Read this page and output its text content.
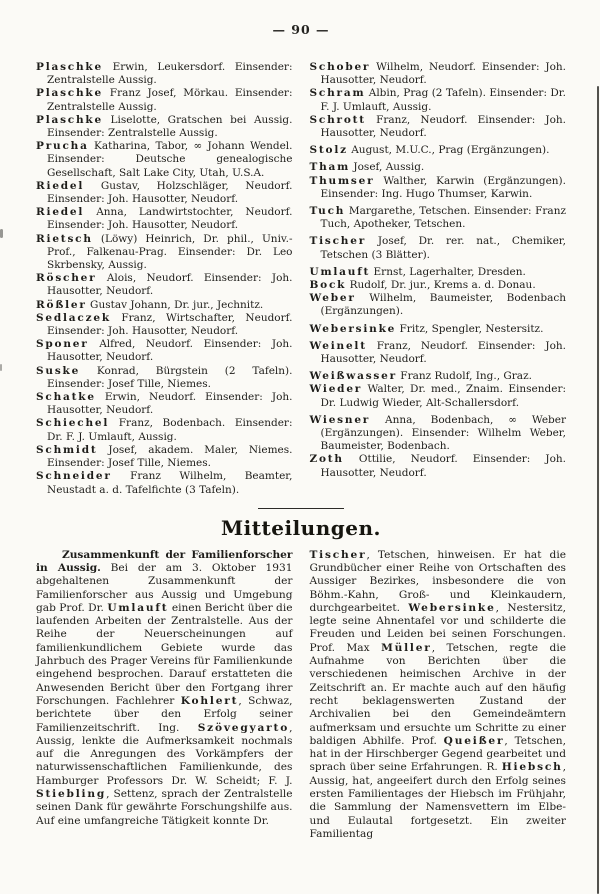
— 90 —

Plaschke Erwin, Leukersdorf. Einsender: Zentralstelle Aussig.

Plaschke Franz Josef, Mörkau. Einsender: Zentralstelle Aussig.

Plaschke Liselotte, Gratschen bei Aussig. Einsender: Zentralstelle Aussig.

Prucha Katharina, Tabor, ∞ Johann Wendel. Einsender: Deutsche genealogische Gesellschaft, Salt Lake City, Utah, U.S.A.

Riedel Gustav, Holzschläger, Neudorf. Einsender: Joh. Hausotter, Neudorf.

Riedel Anna, Landwirtstochter, Neudorf. Einsender: Joh. Hausotter, Neudorf.

Rietsch (Löwy) Heinrich, Dr. phil., Univ.-Prof., Falkenau-Prag. Einsender: Dr. Leo Skrbensky, Aussig.

Röscher Alois, Neudorf. Einsender: Joh. Hausotter, Neudorf.

Rößler Gustav Johann, Dr. jur., Jechnitz.

Sedlaczek Franz, Wirtschafter, Neudorf. Einsender: Joh. Hausotter, Neudorf.

Sponer Alfred, Neudorf. Einsender: Joh. Hausotter, Neudorf.

Suske Konrad, Bürgstein (2 Tafeln). Einsender: Josef Tille, Niemes.

Schatke Erwin, Neudorf. Einsender: Joh. Hausotter, Neudorf.

Schiechel Franz, Bodenbach. Einsender: Dr. F. J. Umlauft, Aussig.

Schmidt Josef, akadem. Maler, Niemes. Einsender: Josef Tille, Niemes.

Schneider Franz Wilhelm, Beamter, Neustadt a. d. Tafelfichte (3 Tafeln).

Schober Wilhelm, Neudorf. Einsender: Joh. Hausotter, Neudorf.

Schram Albin, Prag (2 Tafeln). Einsender: Dr. F. J. Umlauft, Aussig.

Schrott Franz, Neudorf. Einsender: Joh. Hausotter, Neudorf.

Stolz August, M.U.C., Prag (Ergänzungen).

Tham Josef, Aussig.

Thumser Walther, Karwin (Ergänzungen). Einsender: Ing. Hugo Thumser, Karwin.

Tuch Margarethe, Tetschen. Einsender: Franz Tuch, Apotheker, Tetschen.

Tischer Josef, Dr. rer. nat., Chemiker, Tetschen (3 Blätter).

Umlauft Ernst, Lagerhalter, Dresden.

Bock Rudolf, Dr. jur., Krems a. d. Donau.

Weber Wilhelm, Baumeister, Bodenbach (Ergänzungen).

Webersinke Fritz, Spengler, Nestersitz.

Weinelt Franz, Neudorf. Einsender: Joh. Hausotter, Neudorf.

Weißwasser Franz Rudolf, Ing., Graz.

Wieder Walter, Dr. med., Znaim. Einsender: Dr. Ludwig Wieder, Alt-Schallersdorf.

Wiesner Anna, Bodenbach, ∞ Weber (Ergänzungen). Einsender: Wilhelm Weber, Baumeister, Bodenbach.

Zoth Ottilie, Neudorf. Einsender: Joh. Hausotter, Neudorf.

Mitteilungen.

Zusammenkunft der Familienforscher in Aussig. Bei der am 3. Oktober 1931 abgehaltenen Zusammenkunft der Familienforscher aus Aussig und Umgebung gab Prof. Dr. Umlauft einen Bericht über die laufenden Arbeiten der Zentralstelle. Aus der Reihe der Neuerscheinungen auf familienkundlichem Gebiete wurde das Jahrbuch des Prager Vereins für Familienkunde eingehend besprochen. Darauf erstatteten die Anwesenden Bericht über den Fortgang ihrer Forschungen. Fachlehrer Kohlert, Schwaz, berichtete über den Erfolg seiner Familienzeitschrift. Ing. Szövegyarto, Aussig, lenkte die Aufmerksamkeit nochmals auf die Anregungen des Vorkämpfers der naturwissenschaftlichen Familienkunde, des Hamburger Professors Dr. W. Scheidt; F. J. Stiebling, Settenz, sprach der Zentralstelle seinen Dank für gewährte Forschungshilfe aus. Auf eine umfangreiche Tätigkeit konnte Dr.

Tischer, Tetschen, hinweisen. Er hat die Grundbücher einer Reihe von Ortschaften des Aussiger Bezirkes, insbesondere die von Böhm.-Kahn, Groß- und Kleinkaudern, durchgearbeitet. Webersinke, Nestersitz, legte seine Ahnentafel vor und schilderte die Freuden und Leiden bei seinen Forschungen. Prof. Max Müller, Tetschen, regte die Aufnahme von Berichten über die verschiedenen heimischen Archive in der Zeitschrift an. Er machte auch auf den häufig recht beklagenswerten Zustand der Archivalien bei den Gemeindeämtern aufmerksam und ersuchte um Schritte zu einer baldigen Abhilfe. Prof. Queißer, Tetschen, hat in der Hirschberger Gegend gearbeitet und sprach über seine Erfahrungen. R. Hiebsch, Aussig, hat, angeeifert durch den Erfolg seines ersten Familientages der Hiebsch im Frühjahr, die Sammlung der Namensvettern im Elbe- und Eulautal fortgesetzt. Ein zweiter Familientag
